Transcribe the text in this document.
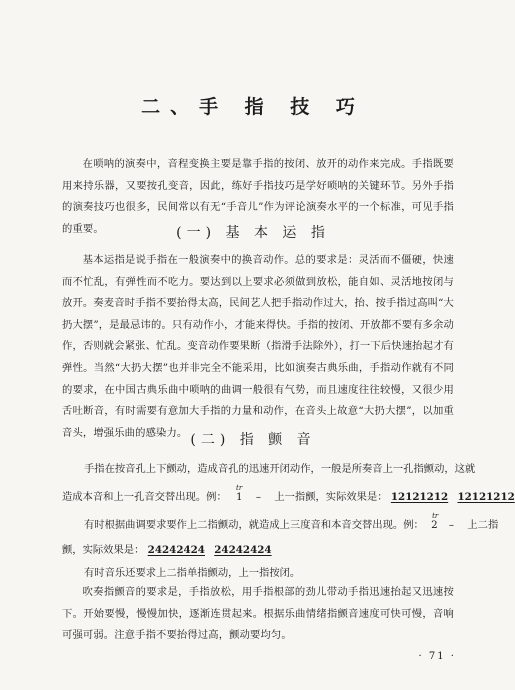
二、手 指 技 巧

在唢呐的演奏中，音程变换主要是靠手指的按闭、放开的动作来完成。手指既要用来持乐器，又要按孔变音，因此，练好手指技巧是学好唢呐的关键环节。另外手指的演奏技巧也很多，民间常以有无“手音儿”作为评论演奏水平的一个标准，可见手指的重要。	(一) 基 本 运 指

基本运指是说手指在一般演奏中的换音动作。总的要求是：灵活而不僵硬，快速而不忙乱，有弹性而不吃力。要达到以上要求必须做到放松，能自如、灵活地按闭与放开。奏麦音时手指不要抬得太高，民间艺人把手指动作过大，抬、按手指过高叫“大扔大摆”，是最忌讳的。只有动作小，才能来得快。手指的按闭、开放都不要有多余动作，否则就会紧张、忙乱。变音动作要果断（指滑手法除外），打一下后快速抬起才有弹性。当然“大扔大摆”也并非完全不能采用，比如演奏古典乐曲，手指动作就有不同的要求，在中国古典乐曲中唢呐的曲调一般很有气势，而且速度往往较慢，又很少用舌吐断音，有时需要有意加大手指的力量和动作，在音头上故意“大扔大摆”，以加重音头，增强乐曲的感染力。 (二) 指 颤 音
手指在按音孔上下颤动，造成音孔的迅速开闭动作，一般是所奏音上一孔指颤动，这就
造成本音和上一孔音交替出现。例：
tr
1 – 上一指颤，实际效果是： 12121212 12121212
有时根据曲调要求要作上二指颤动，就造成上三度音和本音交替出现。例：
tr
2 – 上二指
颤，实际效果是： 24242424 24242424
有时音乐还要求上二指单指颤动，上一指按闭。

吹奏指颤音的要求是，手指放松，用手指根部的劲儿带动手指迅速抬起又迅速按下。开始要慢，慢慢加快，逐渐连贯起来。根据乐曲情绪指颤音速度可快可慢，音响可强可弱。注意手指不要抬得过高，颤动要均匀。

· 71 ·
